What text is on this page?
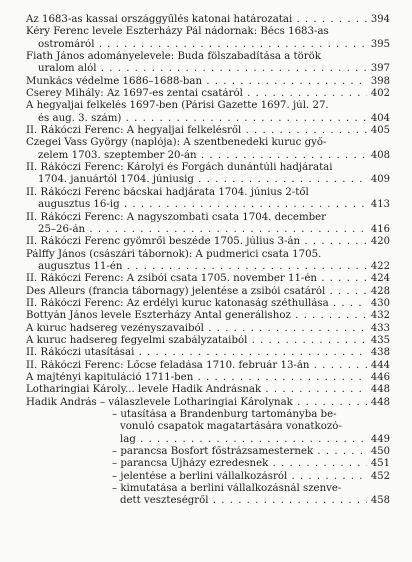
Az 1683-as kassai országgyűlés katonai határozatai . . .	394
Kéry Ferenc levele Eszterházy Pál nádornak: Bécs 1683-as
ostromáról . . .	395
Fiath János adományelevele: Buda fölszabadítása a török
uralom alól . . .	397
Munkács védelme 1686–1688-ban . . .	398
Cserey Mihály: Az 1697-es zentai csatáról . . .	402
A hegyaljai felkelés 1697-ben (Párisi Gazette 1697. júl. 27.
és aug. 3. szám) . . .	404
II. Rákóczi Ferenc: A hegyaljai felkelésről . . .	405
Czegei Vass György (naplója): A szentbenedeki kuruc győ-
zelem 1703. szeptember 20-án . . .	408
II. Rákóczi Ferenc: Károlyi és Forgách dunántúli hadjáratai
1704. januártól 1704. júniusig . . .	409
II. Rákóczi Ferenc bácskai hadjárata 1704. június 2-től
augusztus 16-ig . . .	413
II. Rákóczi Ferenc: A nagyszombati csata 1704. december
25–26-án . . .	416
II. Rákóczi Ferenc gyömrői beszéde 1705. július 3-án . . .	420
Pálffy János (császári tábornok): A pudmerici csata 1705.
augusztus 11-én . . .	422
II. Rákóczi Ferenc: A zsibói csata 1705. november 11-én . . .	424
Des Alleurs (francia tábornagy) jelentése a zsibói csatáról . . .	428
II. Rákóczi Ferenc: Az erdélyi kuruc katonaság széthullása . . .	430
Bottyán János levele Eszterházy Antal generálishoz . . .	432
A kuruc hadsereg vezényszavaiból . . .	433
A kuruc hadsereg fegyelmi szabályzataiból . . .	435
II. Rákóczi utasításai . . .	438
II. Rákóczi Ferenc: Lőcse feladása 1710. február 13-án . . .	444
A majtényi kapituláció 1711-ben . . .	446
Lotharingiai Károly... levele Hadik Andrásnak . . .	448
Hadik András – válaszlevele Lotharingiai Károlynak . . .	448
– utasítása a Brandenburg tartományba be-
vonuló csapatok magatartására vonatkozó-
lag . . .	449
– parancsa Bosfort főstrázsamesternek . . .	450
– parancsa Ujházy ezredesnek . . .	451
– jelentése a berlini vállalkozásról . . .	452
– kimutatása a berlini vállalkozásnál szenve-
dett veszteségről . . .	458
